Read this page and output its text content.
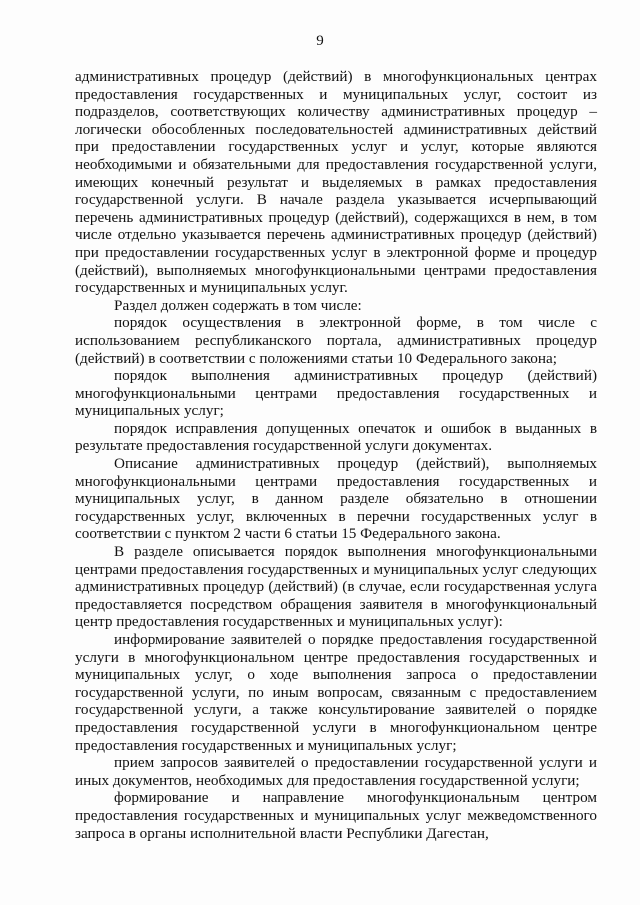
9

административных процедур (действий) в многофункциональных центрах предоставления государственных и муниципальных услуг, состоит из подразделов, соответствующих количеству административных процедур – логически обособленных последовательностей административных действий при предоставлении государственных услуг и услуг, которые являются необходимыми и обязательными для предоставления государственной услуги, имеющих конечный результат и выделяемых в рамках предоставления государственной услуги. В начале раздела указывается исчерпывающий перечень административных процедур (действий), содержащихся в нем, в том числе отдельно указывается перечень административных процедур (действий) при предоставлении государственных услуг в электронной форме и процедур (действий), выполняемых многофункциональными центрами предоставления государственных и муниципальных услуг.

Раздел должен содержать в том числе:

порядок осуществления в электронной форме, в том числе с использованием республиканского портала, административных процедур (действий) в соответствии с положениями статьи 10 Федерального закона;

порядок выполнения административных процедур (действий) многофункциональными центрами предоставления государственных и муниципальных услуг;

порядок исправления допущенных опечаток и ошибок в выданных в результате предоставления государственной услуги документах.

Описание административных процедур (действий), выполняемых многофункциональными центрами предоставления государственных и муниципальных услуг, в данном разделе обязательно в отношении государственных услуг, включенных в перечни государственных услуг в соответствии с пунктом 2 части 6 статьи 15 Федерального закона.

В разделе описывается порядок выполнения многофункциональными центрами предоставления государственных и муниципальных услуг следующих административных процедур (действий) (в случае, если государственная услуга предоставляется посредством обращения заявителя в многофункциональный центр предоставления государственных и муниципальных услуг):

информирование заявителей о порядке предоставления государственной услуги в многофункциональном центре предоставления государственных и муниципальных услуг, о ходе выполнения запроса о предоставлении государственной услуги, по иным вопросам, связанным с предоставлением государственной услуги, а также консультирование заявителей о порядке предоставления государственной услуги в многофункциональном центре предоставления государственных и муниципальных услуг;

прием запросов заявителей о предоставлении государственной услуги и иных документов, необходимых для предоставления государственной услуги;

формирование и направление многофункциональным центром предоставления государственных и муниципальных услуг межведомственного запроса в органы исполнительной власти Республики Дагестан,
